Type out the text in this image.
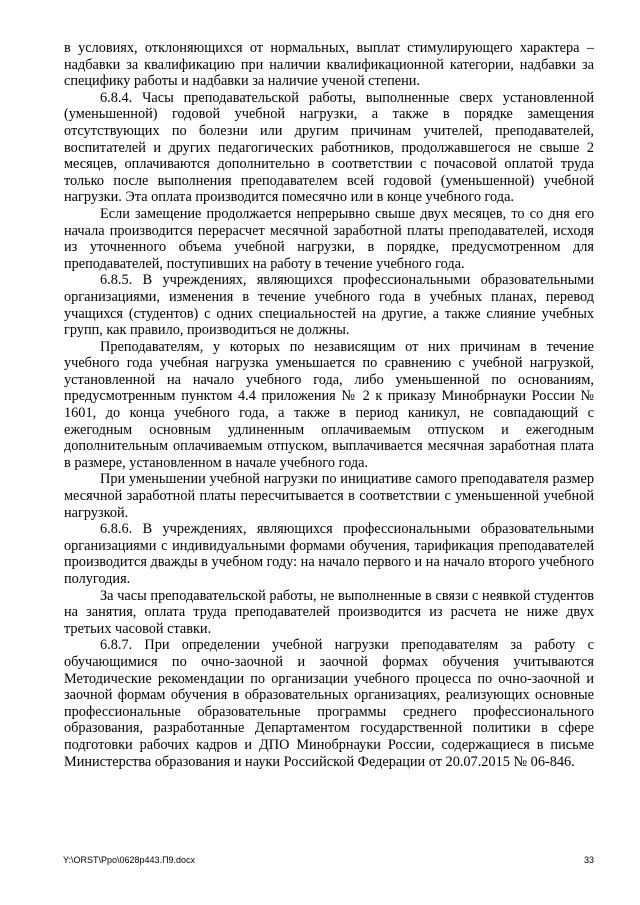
в условиях, отклоняющихся от нормальных, выплат стимулирующего характера – надбавки за квалификацию при наличии квалификационной категории, надбавки за специфику работы и надбавки за наличие ученой степени.

6.8.4. Часы преподавательской работы, выполненные сверх установленной (уменьшенной) годовой учебной нагрузки, а также в порядке замещения отсутствующих по болезни или другим причинам учителей, преподавателей, воспитателей и других педагогических работников, продолжавшегося не свыше 2 месяцев, оплачиваются дополнительно в соответствии с почасовой оплатой труда только после выполнения преподавателем всей годовой (уменьшенной) учебной нагрузки. Эта оплата производится помесячно или в конце учебного года.

Если замещение продолжается непрерывно свыше двух месяцев, то со дня его начала производится перерасчет месячной заработной платы преподавателей, исходя из уточненного объема учебной нагрузки, в порядке, предусмотренном для преподавателей, поступивших на работу в течение учебного года.

6.8.5. В учреждениях, являющихся профессиональными образовательными организациями, изменения в течение учебного года в учебных планах, перевод учащихся (студентов) с одних специальностей на другие, а также слияние учебных групп, как правило, производиться не должны.

Преподавателям, у которых по независящим от них причинам в течение учебного года учебная нагрузка уменьшается по сравнению с учебной нагрузкой, установленной на начало учебного года, либо уменьшенной по основаниям, предусмотренным пунктом 4.4 приложения № 2 к приказу Минобрнауки России № 1601, до конца учебного года, а также в период каникул, не совпадающий с ежегодным основным удлиненным оплачиваемым отпуском и ежегодным дополнительным оплачиваемым отпуском, выплачивается месячная заработная плата в размере, установленном в начале учебного года.

При уменьшении учебной нагрузки по инициативе самого преподавателя размер месячной заработной платы пересчитывается в соответствии с уменьшенной учебной нагрузкой.

6.8.6. В учреждениях, являющихся профессиональными образовательными организациями с индивидуальными формами обучения, тарификация преподавателей производится дважды в учебном году: на начало первого и на начало второго учебного полугодия.

За часы преподавательской работы, не выполненные в связи с неявкой студентов на занятия, оплата труда преподавателей производится из расчета не ниже двух третьих часовой ставки.

6.8.7. При определении учебной нагрузки преподавателям за работу с обучающимися по очно-заочной и заочной формах обучения учитываются Методические рекомендации по организации учебного процесса по очно-заочной и заочной формам обучения в образовательных организациях, реализующих основные профессиональные образовательные программы среднего профессионального образования, разработанные Департаментом государственной политики в сфере подготовки рабочих кадров и ДПО Минобрнауки России, содержащиеся в письме Министерства образования и науки Российской Федерации от 20.07.2015 № 06-846.

Y:\ORST\Ppo\0628p443.П9.docx	33
